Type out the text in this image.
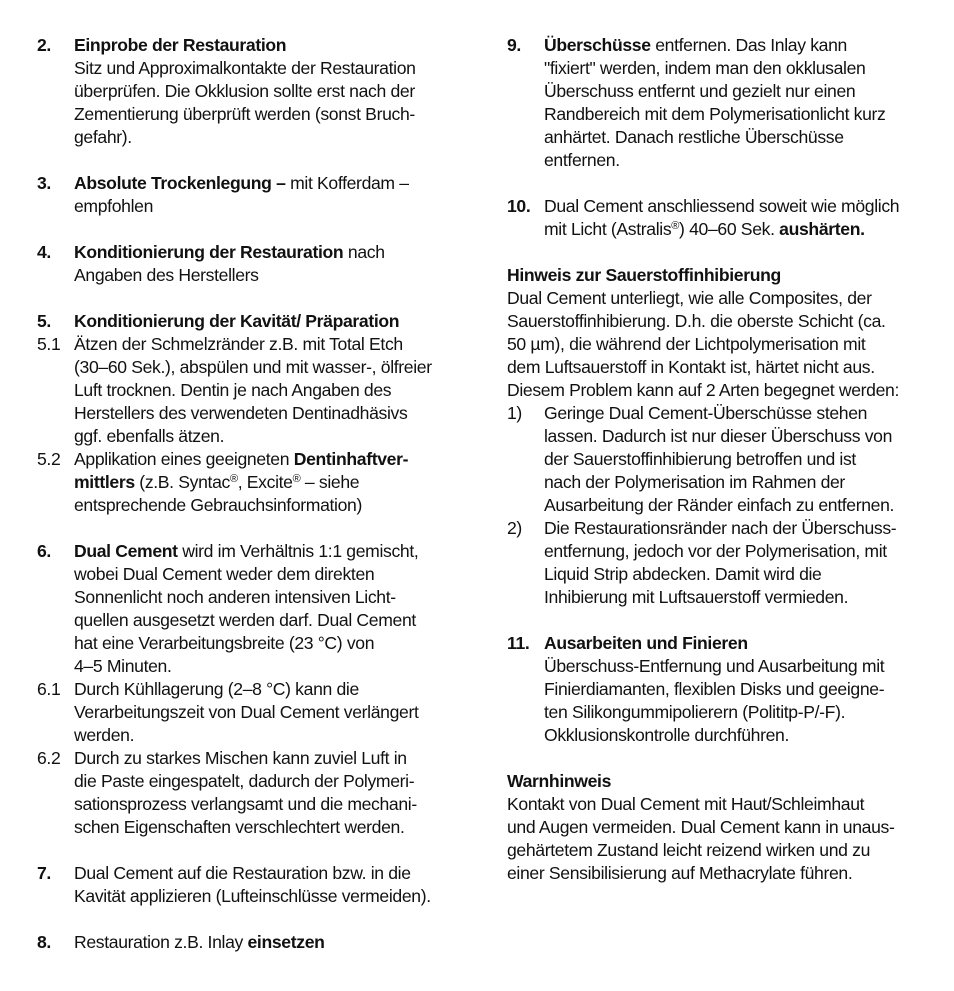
2. Einprobe der Restauration
Sitz und Approximalkontakte der Restauration
überprüfen. Die Okklusion sollte erst nach der
Zementierung überprüft werden (sonst Bruch-
gefahr).
3. Absolute Trockenlegung – mit Kofferdam –
empfohlen
4. Konditionierung der Restauration nach
Angaben des Herstellers
5. Konditionierung der Kavität/ Präparation
5.1 Ätzen der Schmelzränder z.B. mit Total Etch
(30–60 Sek.), abspülen und mit wasser-, ölfreier
Luft trocknen. Dentin je nach Angaben des
Herstellers des verwendeten Dentinadhäsivs
ggf. ebenfalls ätzen.
5.2 Applikation eines geeigneten Dentinhaftver-
mittlers (z.B. Syntac®, Excite® – siehe
entsprechende Gebrauchsinformation)
6. Dual Cement wird im Verhältnis 1:1 gemischt,
wobei Dual Cement weder dem direkten
Sonnenlicht noch anderen intensiven Licht-
quellen ausgesetzt werden darf. Dual Cement
hat eine Verarbeitungsbreite (23 °C) von
4–5 Minuten.
6.1 Durch Kühllagerung (2–8 °C) kann die
Verarbeitungszeit von Dual Cement verlängert
werden.
6.2 Durch zu starkes Mischen kann zuviel Luft in
die Paste eingespatelt, dadurch der Polymeri-
sationsprozess verlangsamt und die mechani-
schen Eigenschaften verschlechtert werden.
7. Dual Cement auf die Restauration bzw. in die
Kavität applizieren (Lufteinschlüsse vermeiden).
8. Restauration z.B. Inlay einsetzen
9. Überschüsse entfernen. Das Inlay kann
"fixiert" werden, indem man den okklusalen
Überschuss entfernt und gezielt nur einen
Randbereich mit dem Polymerisationlicht kurz
anhärtet. Danach restliche Überschüsse
entfernen.
10. Dual Cement anschliessend soweit wie möglich
mit Licht (Astralis®) 40–60 Sek. aushärten.
Hinweis zur Sauerstoffinhibierung
Dual Cement unterliegt, wie alle Composites, der
Sauerstoffinhibierung. D.h. die oberste Schicht (ca.
50 µm), die während der Lichtpolymerisation mit
dem Luftsauerstoff in Kontakt ist, härtet nicht aus.
Diesem Problem kann auf 2 Arten begegnet werden:
1) Geringe Dual Cement-Überschüsse stehen
lassen. Dadurch ist nur dieser Überschuss von
der Sauerstoffinhibierung betroffen und ist
nach der Polymerisation im Rahmen der
Ausarbeitung der Ränder einfach zu entfernen.
2) Die Restaurationsränder nach der Überschuss-
entfernung, jedoch vor der Polymerisation, mit
Liquid Strip abdecken. Damit wird die
Inhibierung mit Luftsauerstoff vermieden.
11. Ausarbeiten und Finieren
Überschuss-Entfernung und Ausarbeitung mit
Finierdiamanten, flexiblen Disks und geeigne-
ten Silikongummipolierern (Polititp-P/-F).
Okklusionskontrolle durchführen.
Warnhinweis
Kontakt von Dual Cement mit Haut/Schleimhaut
und Augen vermeiden. Dual Cement kann in unaus-
gehärtetem Zustand leicht reizend wirken und zu
einer Sensibilisierung auf Methacrylate führen.
